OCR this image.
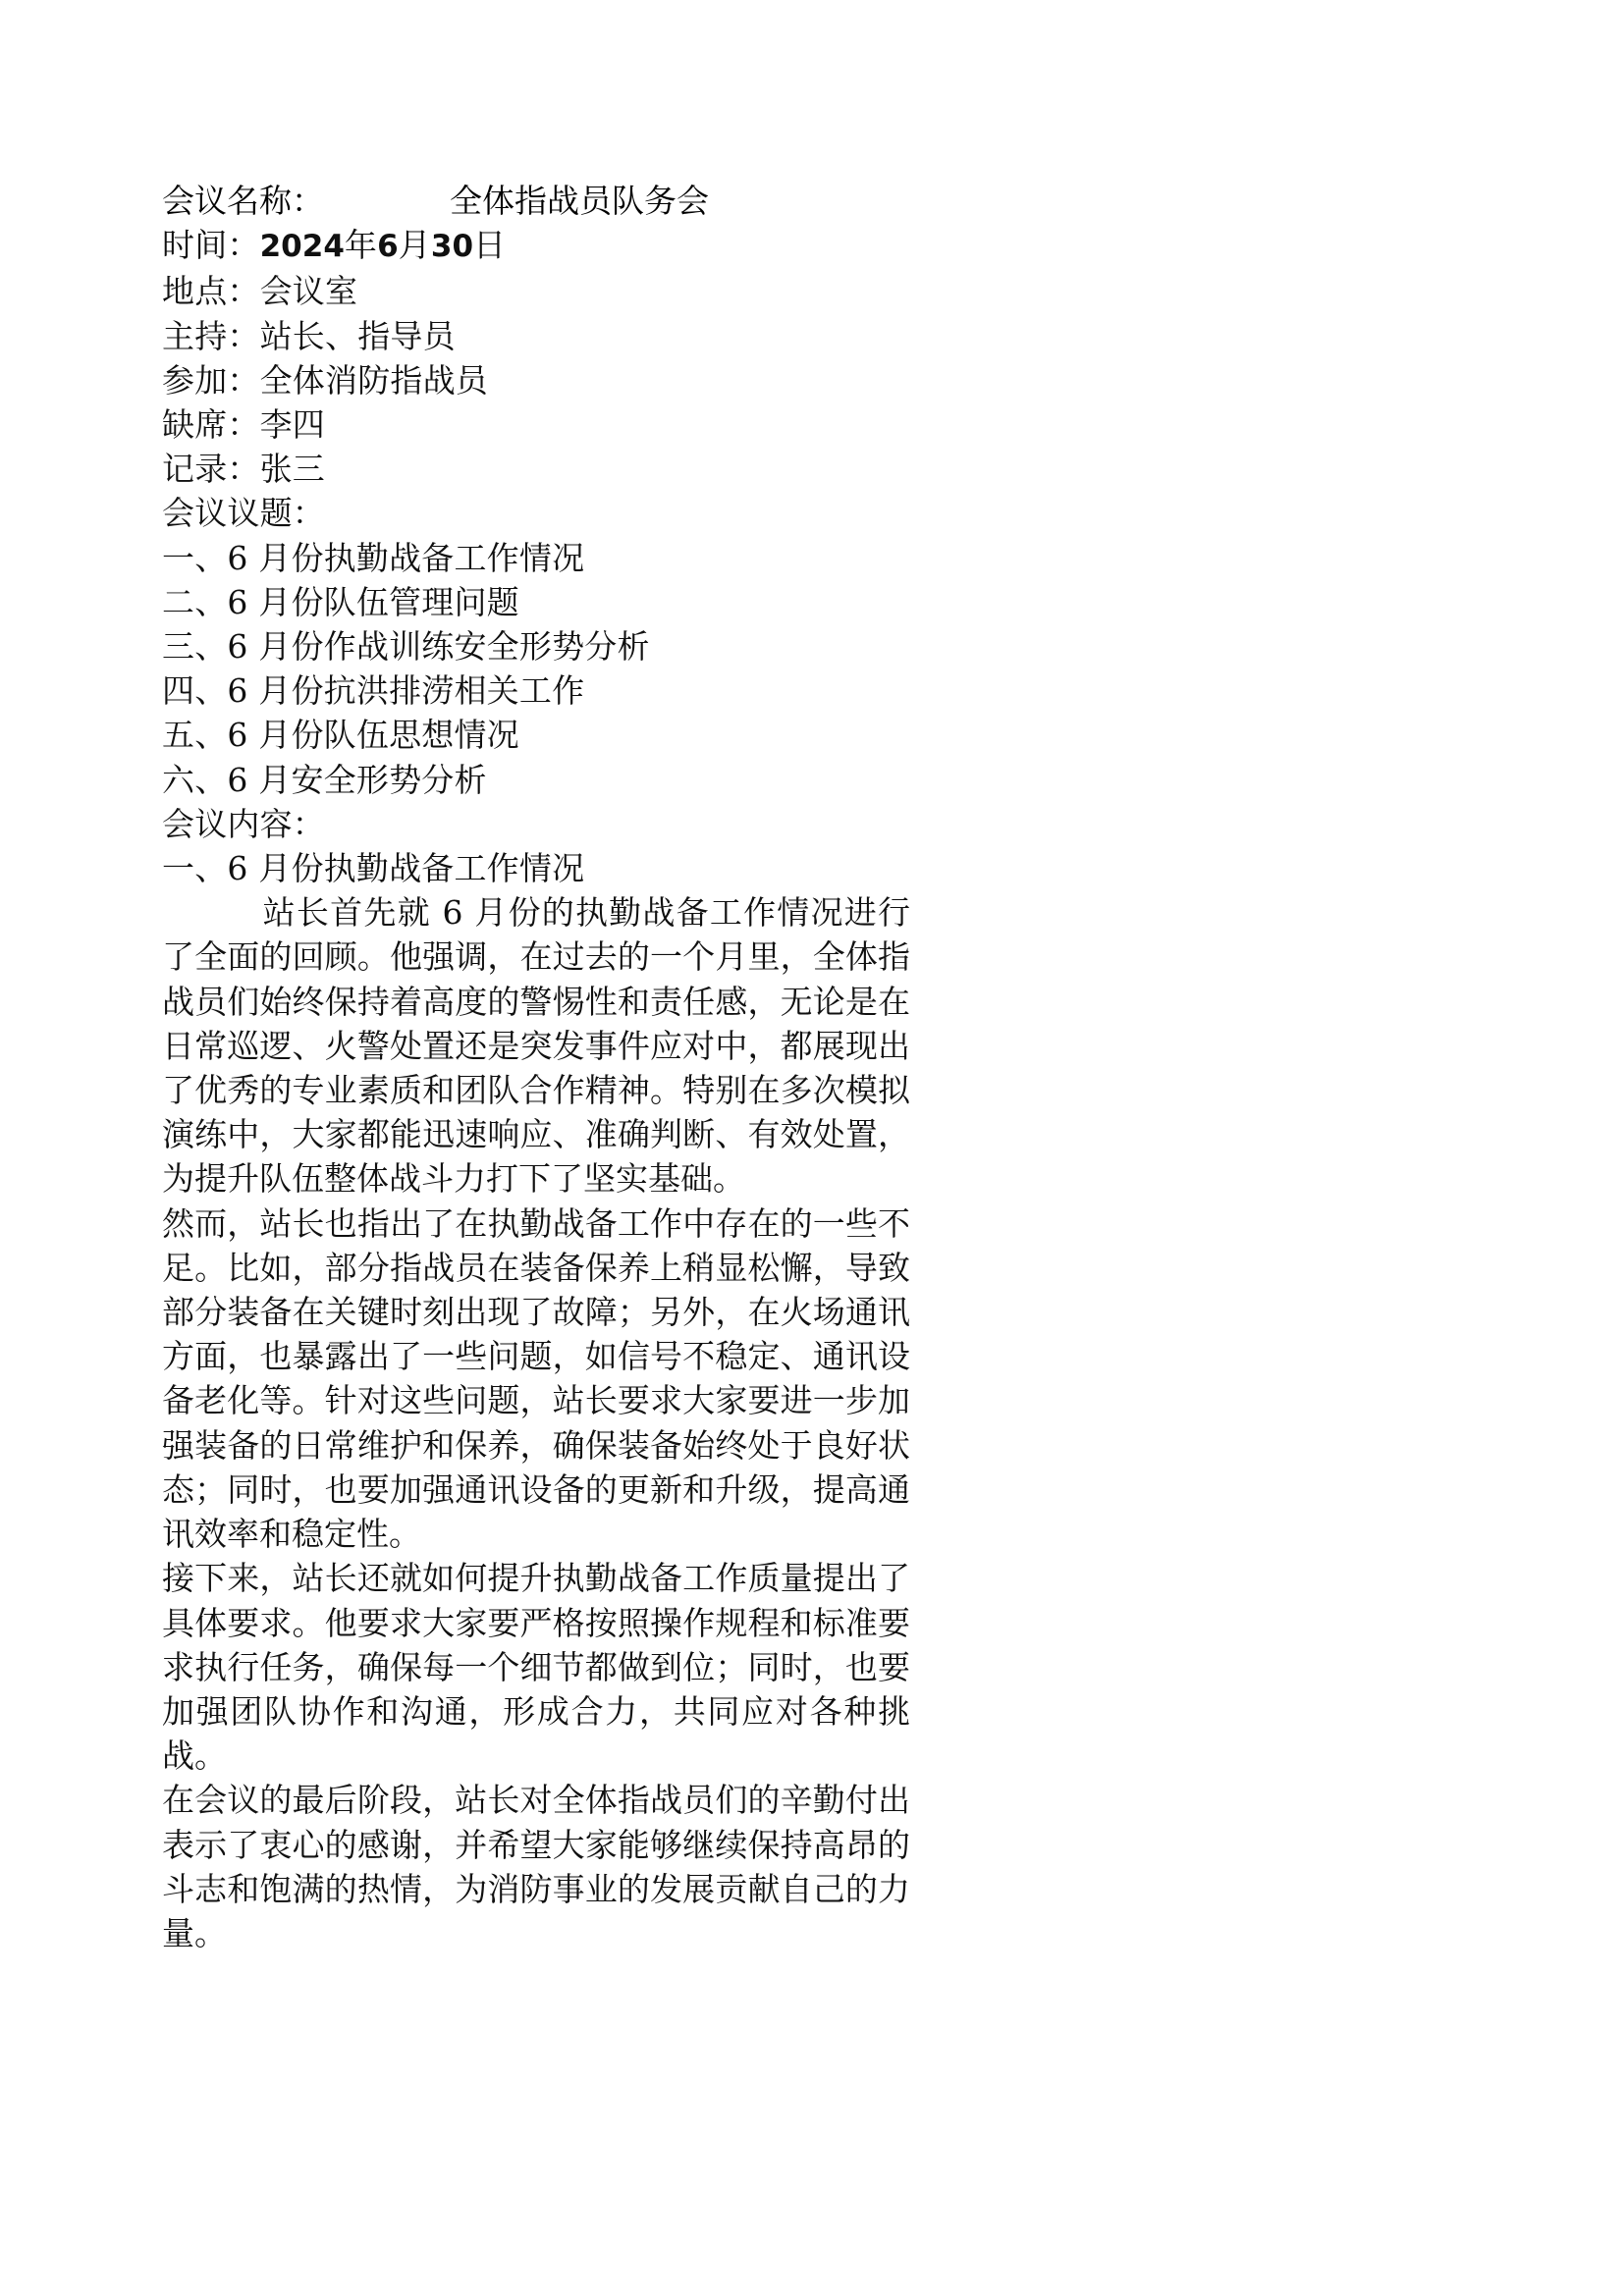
会议名称：	全体指战员队务会
时间：2024年6月30日
地点：会议室
主持：站长、指导员
参加：全体消防指战员
缺席：李四
记录：张三
会议议题：
一、6 月份执勤战备工作情况
二、6 月份队伍管理问题
三、6 月份作战训练安全形势分析
四、6 月份抗洪排涝相关工作
五、6 月份队伍思想情况
六、6 月安全形势分析
会议内容：
一、6 月份执勤战备工作情况

　　　站长首先就 6 月份的执勤战备工作情况进行了全面的回顾。他强调，在过去的一个月里，全体指战员们始终保持着高度的警惕性和责任感，无论是在日常巡逻、火警处置还是突发事件应对中，都展现出了优秀的专业素质和团队合作精神。特别在多次模拟演练中，大家都能迅速响应、准确判断、有效处置，为提升队伍整体战斗力打下了坚实基础。

然而，站长也指出了在执勤战备工作中存在的一些不足。比如，部分指战员在装备保养上稍显松懈，导致部分装备在关键时刻出现了故障；另外，在火场通讯方面，也暴露出了一些问题，如信号不稳定、通讯设备老化等。针对这些问题，站长要求大家要进一步加强装备的日常维护和保养，确保装备始终处于良好状态；同时，也要加强通讯设备的更新和升级，提高通讯效率和稳定性。

接下来，站长还就如何提升执勤战备工作质量提出了具体要求。他要求大家要严格按照操作规程和标准要求执行任务，确保每一个细节都做到位；同时，也要加强团队协作和沟通，形成合力，共同应对各种挑战。

在会议的最后阶段，站长对全体指战员们的辛勤付出表示了衷心的感谢，并希望大家能够继续保持高昂的斗志和饱满的热情，为消防事业的发展贡献自己的力量。
